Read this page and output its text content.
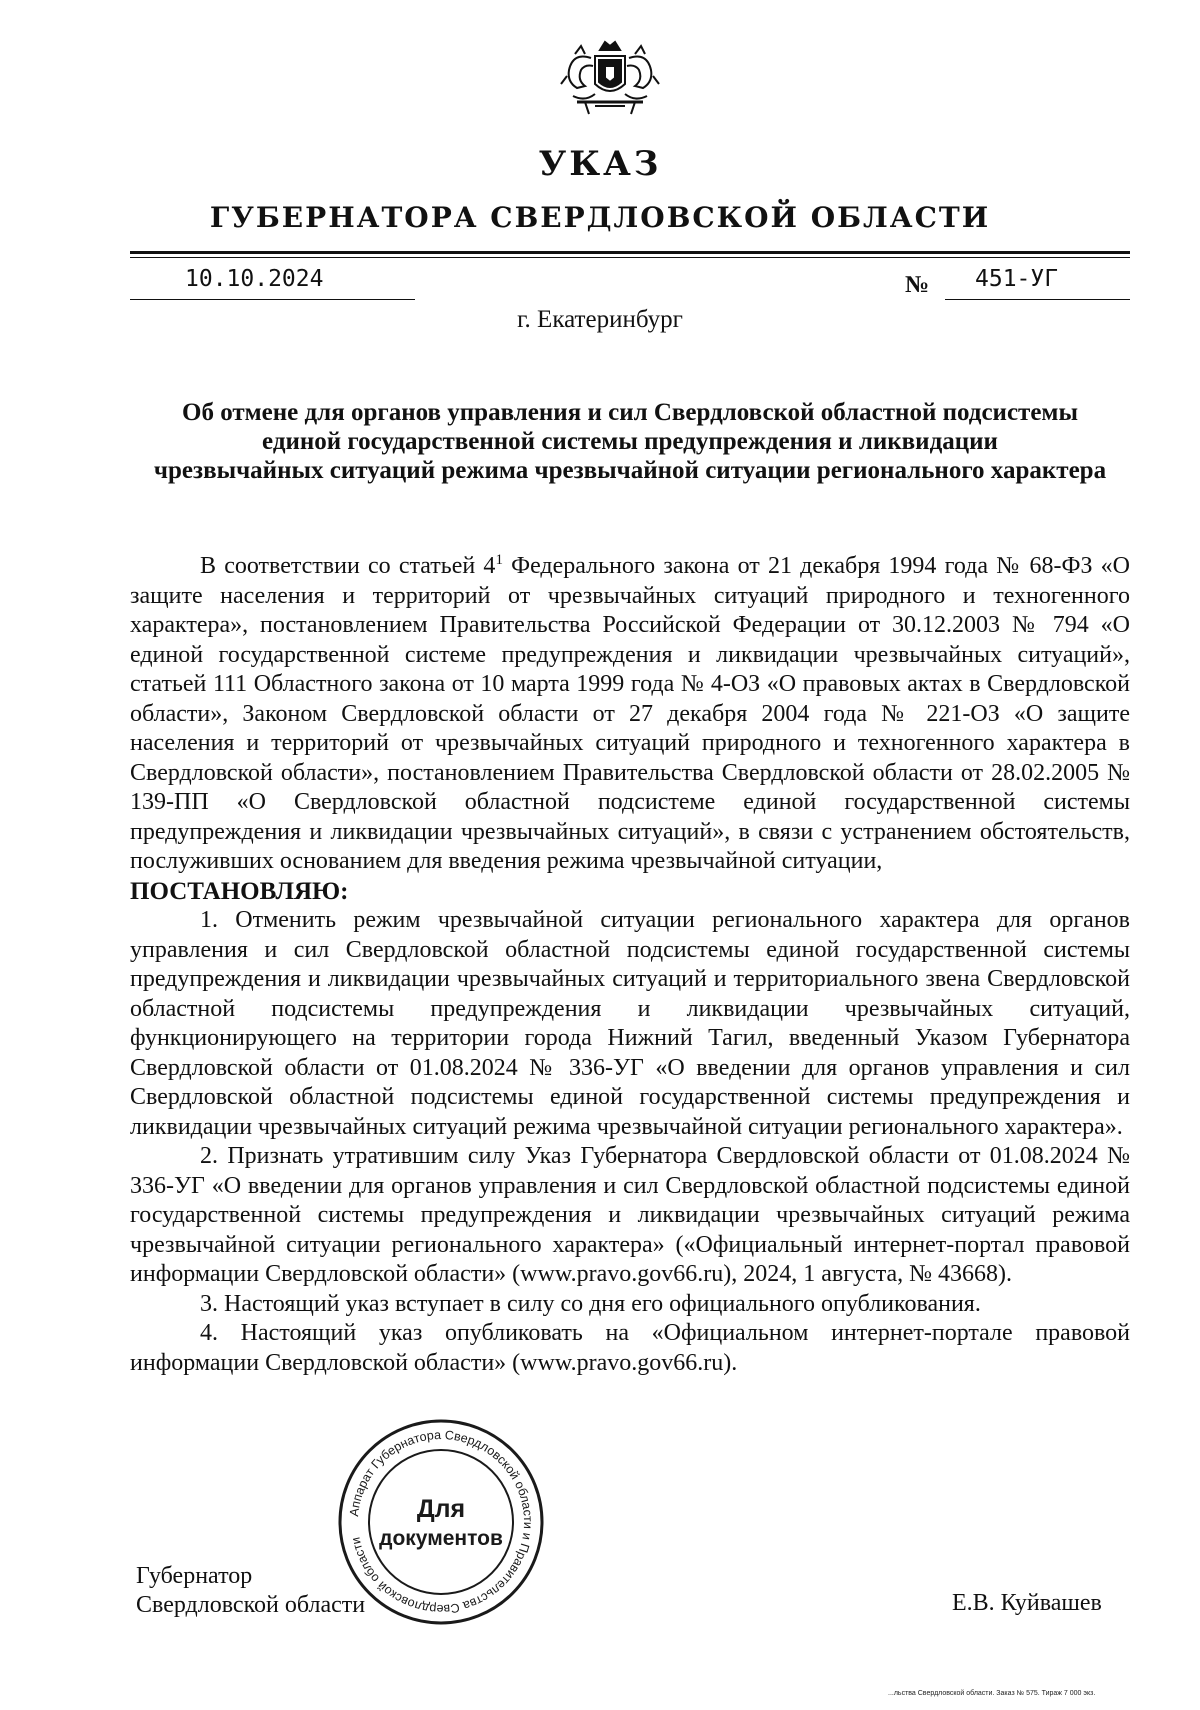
УКАЗ
ГУБЕРНАТОРА СВЕРДЛОВСКОЙ ОБЛАСТИ
10.10.2024	№ 451-УГ
г. Екатеринбург
Об отмене для органов управления и сил Свердловской областной подсистемы
единой государственной системы предупреждения и ликвидации
чрезвычайных ситуаций режима чрезвычайной ситуации регионального характера

В соответствии со статьей $4^1$ Федерального закона от 21 декабря 1994 года № 68-ФЗ «О защите населения и территорий от чрезвычайных ситуаций природного и техногенного характера», постановлением Правительства Российской Федерации от 30.12.2003 № 794 «О единой государственной системе предупреждения и ликвидации чрезвычайных ситуаций», статьей 111 Областного закона от 10 марта 1999 года № 4-ОЗ «О правовых актах в Свердловской области», Законом Свердловской области от 27 декабря 2004 года № 221-ОЗ «О защите населения и территорий от чрезвычайных ситуаций природного и техногенного характера в Свердловской области», постановлением Правительства Свердловской области от 28.02.2005 № 139-ПП «О Свердловской областной подсистеме единой государственной системы предупреждения и ликвидации чрезвычайных ситуаций», в связи с устранением обстоятельств, послуживших основанием для введения режима чрезвычайной ситуации,

ПОСТАНОВЛЯЮ:

1. Отменить режим чрезвычайной ситуации регионального характера для органов управления и сил Свердловской областной подсистемы единой государственной системы предупреждения и ликвидации чрезвычайных ситуаций и территориального звена Свердловской областной подсистемы предупреждения и ликвидации чрезвычайных ситуаций, функционирующего на территории города Нижний Тагил, введенный Указом Губернатора Свердловской области от 01.08.2024 № 336-УГ «О введении для органов управления и сил Свердловской областной подсистемы единой государственной системы предупреждения и ликвидации чрезвычайных ситуаций режима чрезвычайной ситуации регионального характера».

2. Признать утратившим силу Указ Губернатора Свердловской области от 01.08.2024 № 336-УГ «О введении для органов управления и сил Свердловской областной подсистемы единой государственной системы предупреждения и ликвидации чрезвычайных ситуаций режима чрезвычайной ситуации регионального характера» («Официальный интернет-портал правовой информации Свердловской области» (www.pravo.gov66.ru), 2024, 1 августа, № 43668).

3. Настоящий указ вступает в силу со дня его официального опубликования.

4. Настоящий указ опубликовать на «Официальном интернет-портале правовой информации Свердловской области» (www.pravo.gov66.ru).

Губернатор
Свердловской области	Е.В. Куйвашев
Аппарат Губернатора Свердловской области и Правительства Свердловской области
Для
документов
...льства Свердловской области. Заказ № 575. Тираж 7 000 экз.
